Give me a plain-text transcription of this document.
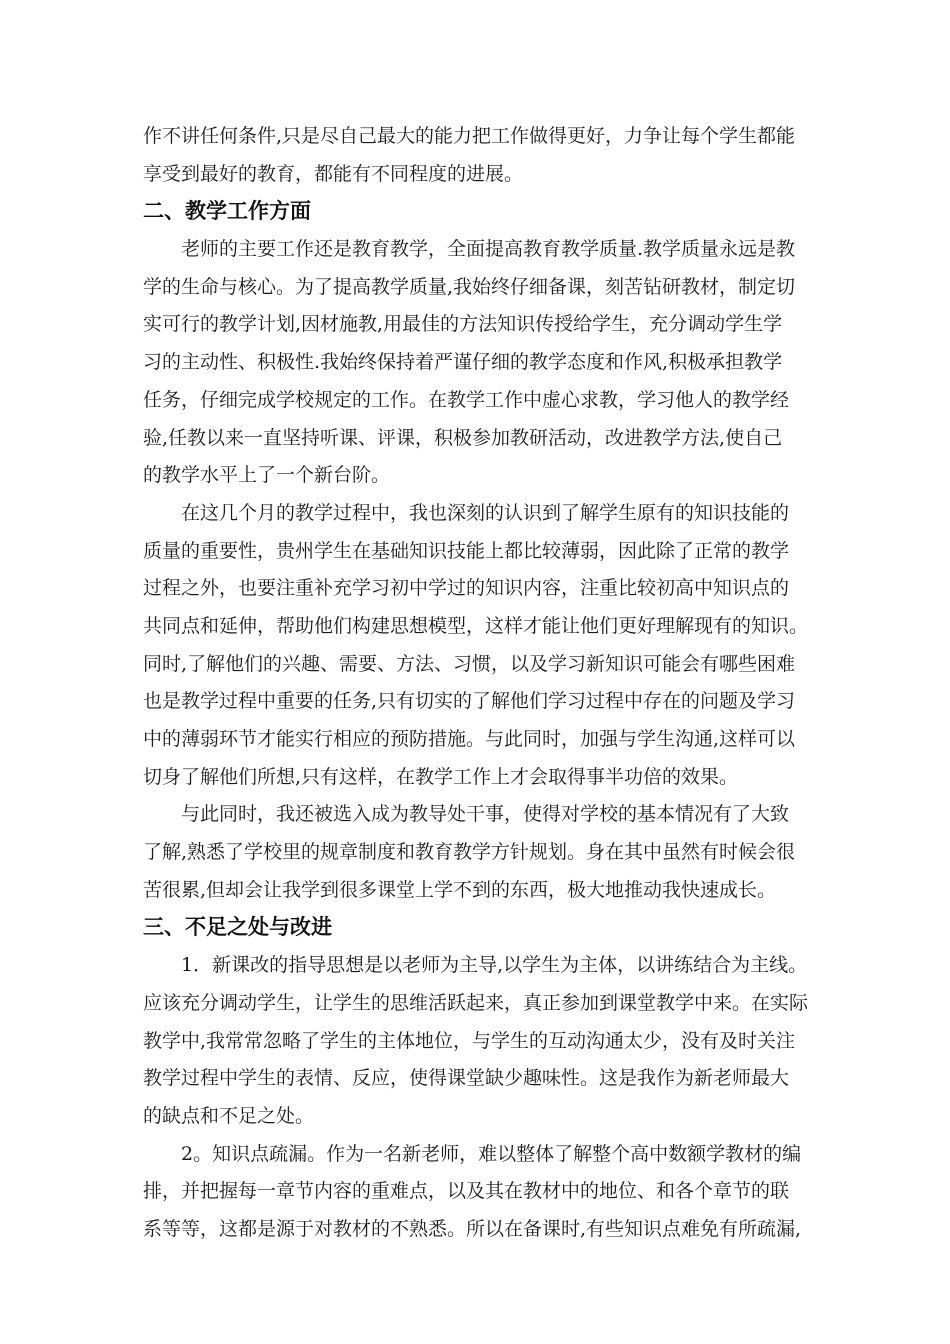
作不讲任何条件,只是尽自己最大的能力把工作做得更好，力争让每个学生都能
享受到最好的教育，都能有不同程度的进展。
二、教学工作方面
老师的主要工作还是教育教学，全面提高教育教学质量.教学质量永远是教
学的生命与核心。为了提高教学质量,我始终仔细备课，刻苦钻研教材，制定切
实可行的教学计划,因材施教,用最佳的方法知识传授给学生，充分调动学生学
习的主动性、积极性.我始终保持着严谨仔细的教学态度和作风,积极承担教学
任务，仔细完成学校规定的工作。在教学工作中虚心求教，学习他人的教学经
验,任教以来一直坚持听课、评课，积极参加教研活动，改进教学方法,使自己
的教学水平上了一个新台阶。
在这几个月的教学过程中，我也深刻的认识到了解学生原有的知识技能的
质量的重要性，贵州学生在基础知识技能上都比较薄弱，因此除了正常的教学
过程之外，也要注重补充学习初中学过的知识内容，注重比较初高中知识点的
共同点和延伸，帮助他们构建思想模型，这样才能让他们更好理解现有的知识。
同时,了解他们的兴趣、需要、方法、习惯，以及学习新知识可能会有哪些困难
也是教学过程中重要的任务,只有切实的了解他们学习过程中存在的问题及学习
中的薄弱环节才能实行相应的预防措施。与此同时，加强与学生沟通,这样可以
切身了解他们所想,只有这样，在教学工作上才会取得事半功倍的效果。
与此同时，我还被选入成为教导处干事，使得对学校的基本情况有了大致
了解,熟悉了学校里的规章制度和教育教学方针规划。身在其中虽然有时候会很
苦很累,但却会让我学到很多课堂上学不到的东西，极大地推动我快速成长。
三、不足之处与改进
1．新课改的指导思想是以老师为主导,以学生为主体，以讲练结合为主线。
应该充分调动学生，让学生的思维活跃起来，真正参加到课堂教学中来。在实际
教学中,我常常忽略了学生的主体地位，与学生的互动沟通太少，没有及时关注
教学过程中学生的表情、反应，使得课堂缺少趣味性。这是我作为新老师最大
的缺点和不足之处。
2。知识点疏漏。作为一名新老师，难以整体了解整个高中数额学教材的编
排，并把握每一章节内容的重难点，以及其在教材中的地位、和各个章节的联
系等等，这都是源于对教材的不熟悉。所以在备课时,有些知识点难免有所疏漏,
